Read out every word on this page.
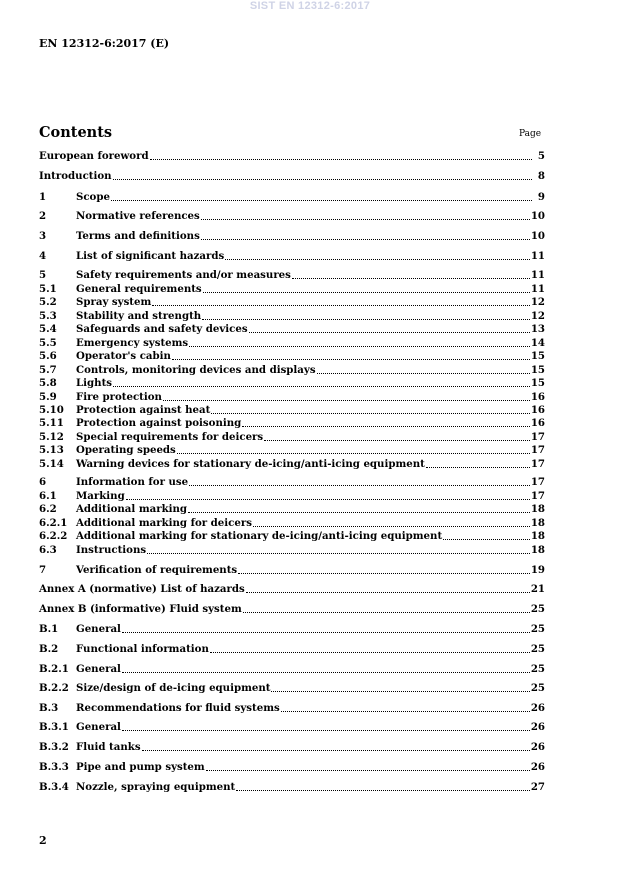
SIST EN 12312-6:2017
EN 12312-6:2017 (E)
Contents	Page
European foreword	5
Introduction	8
1	Scope	9
2	Normative references	10
3	Terms and definitions	10
4	List of significant hazards	11
5	Safety requirements and/or measures	11
5.1	General requirements	11
5.2	Spray system	12
5.3	Stability and strength	12
5.4	Safeguards and safety devices	13
5.5	Emergency systems	14
5.6	Operator's cabin	15
5.7	Controls, monitoring devices and displays	15
5.8	Lights	15
5.9	Fire protection	16
5.10	Protection against heat	16
5.11	Protection against poisoning	16
5.12	Special requirements for deicers	17
5.13	Operating speeds	17
5.14	Warning devices for stationary de-icing/anti-icing equipment	17
6	Information for use	17
6.1	Marking	17
6.2	Additional marking	18
6.2.1 Additional marking for deicers	18
6.2.2 Additional marking for stationary de-icing/anti-icing equipment	18
6.3	Instructions	18
7	Verification of requirements	19
Annex A (normative) List of hazards	21
Annex B (informative) Fluid system	25
B.1	General	25
B.2	Functional information	25
B.2.1 General	25
B.2.2 Size/design of de-icing equipment	25
B.3	Recommendations for fluid systems	26
B.3.1 General	26
B.3.2 Fluid tanks	26
B.3.3 Pipe and pump system	26
B.3.4 Nozzle, spraying equipment	27
2
